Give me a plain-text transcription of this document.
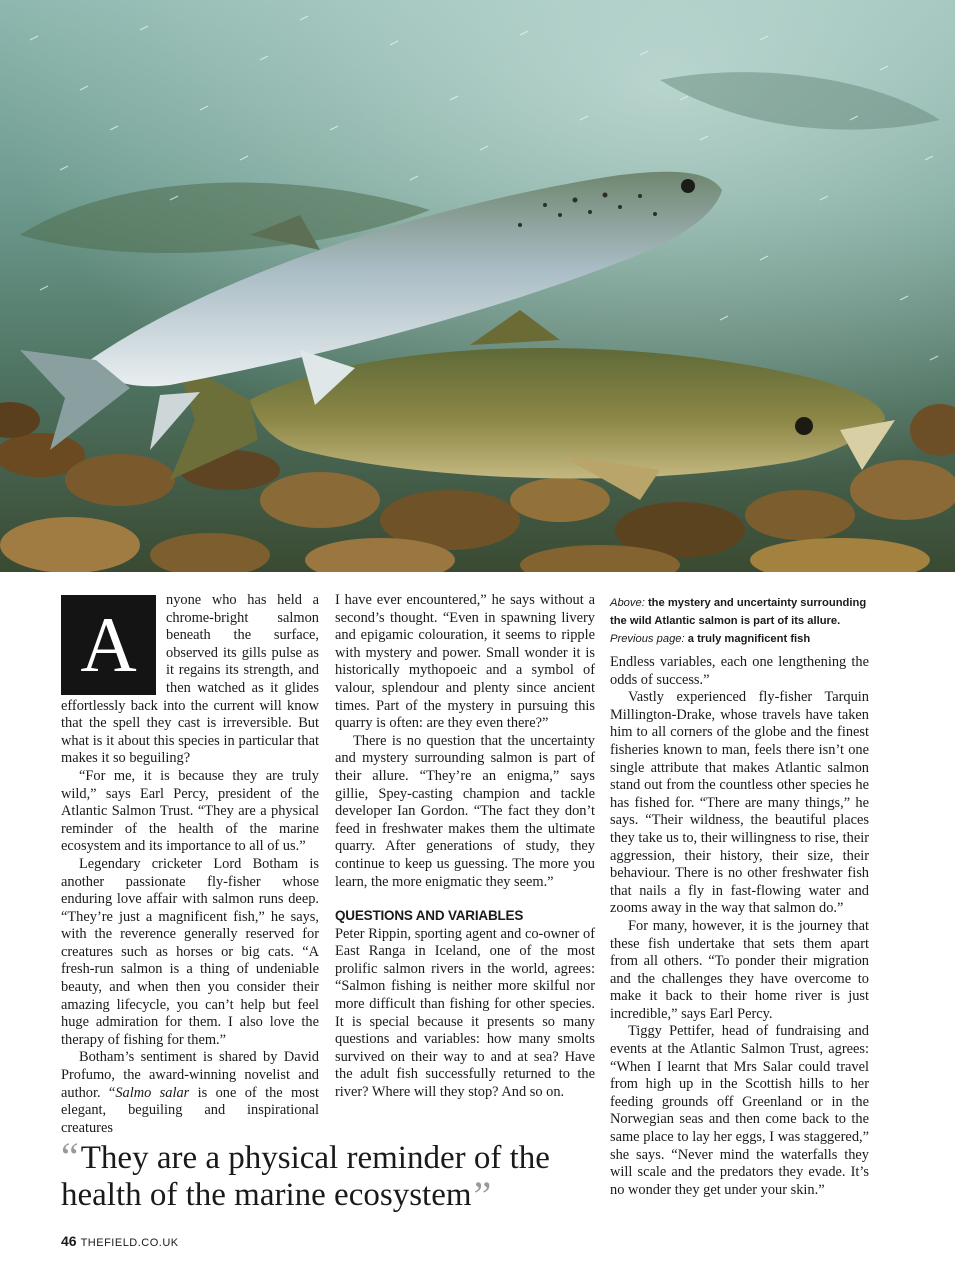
A

nyone who has held a chrome-bright salmon beneath the surface, observed its gills pulse as it regains its strength, and then watched as it glides effortlessly back into the current will know that the spell they cast is irreversible. But what is it about this species in particular that makes it so beguiling?

“For me, it is because they are truly wild,” says Earl Percy, president of the Atlantic Salmon Trust. “They are a physical reminder of the health of the marine ecosystem and its importance to all of us.”

Legendary cricketer Lord Botham is another passionate fly-fisher whose enduring love affair with salmon runs deep. “They’re just a magnificent fish,” he says, with the reverence generally reserved for creatures such as horses or big cats. “A fresh-run salmon is a thing of undeniable beauty, and when then you consider their amazing lifecycle, you can’t help but feel huge admiration for them. I also love the therapy of fishing for them.”

Botham’s sentiment is shared by David Profumo, the award-winning novelist and author. “Salmo salar is one of the most elegant, beguiling and inspirational creatures

I have ever encountered,” he says without a second’s thought. “Even in spawning livery and epigamic colouration, it seems to ripple with mystery and power. Small wonder it is historically mythopoeic and a symbol of valour, splendour and plenty since ancient times. Part of the mystery in pursuing this quarry is often: are they even there?”

There is no question that the uncertainty and mystery surrounding salmon is part of their allure. “They’re an enigma,” says gillie, Spey-casting champion and tackle developer Ian Gordon. “The fact they don’t feed in freshwater makes them the ultimate quarry. After generations of study, they continue to keep us guessing. The more you learn, the more enigmatic they seem.”

QUESTIONS AND VARIABLES

Peter Rippin, sporting agent and co-owner of East Ranga in Iceland, one of the most prolific salmon rivers in the world, agrees: “Salmon fishing is neither more skilful nor more difficult than fishing for other species. It is special because it presents so many questions and variables: how many smolts survived on their way to and at sea? Have the adult fish successfully returned to the river? Where will they stop? And so on.

Above: the mystery and uncertainty surrounding the wild Atlantic salmon is part of its allure.
Previous page: a truly magnificent fish

Endless variables, each one lengthening the odds of success.”

Vastly experienced fly-fisher Tarquin Millington-Drake, whose travels have taken him to all corners of the globe and the finest fisheries known to man, feels there isn’t one single attribute that makes Atlantic salmon stand out from the countless other species he has fished for. “There are many things,” he says. “Their wildness, the beautiful places they take us to, their willingness to rise, their aggression, their history, their size, their behaviour. There is no other freshwater fish that nails a fly in fast-flowing water and zooms away in the way that salmon do.”

For many, however, it is the journey that these fish undertake that sets them apart from all others. “To ponder their migration and the challenges they have overcome to make it back to their home river is just incredible,” says Earl Percy.

Tiggy Pettifer, head of fundraising and events at the Atlantic Salmon Trust, agrees: “When I learnt that Mrs Salar could travel from high up in the Scottish hills to her feeding grounds off Greenland or in the Norwegian seas and then come back to the same place to lay her eggs, I was staggered,” she says. “Never mind the waterfalls they will scale and the predators they evade. It’s no wonder they get under your skin.”

“They are a physical reminder of the health of the marine ecosystem”
46 THEFIELD.CO.UK
